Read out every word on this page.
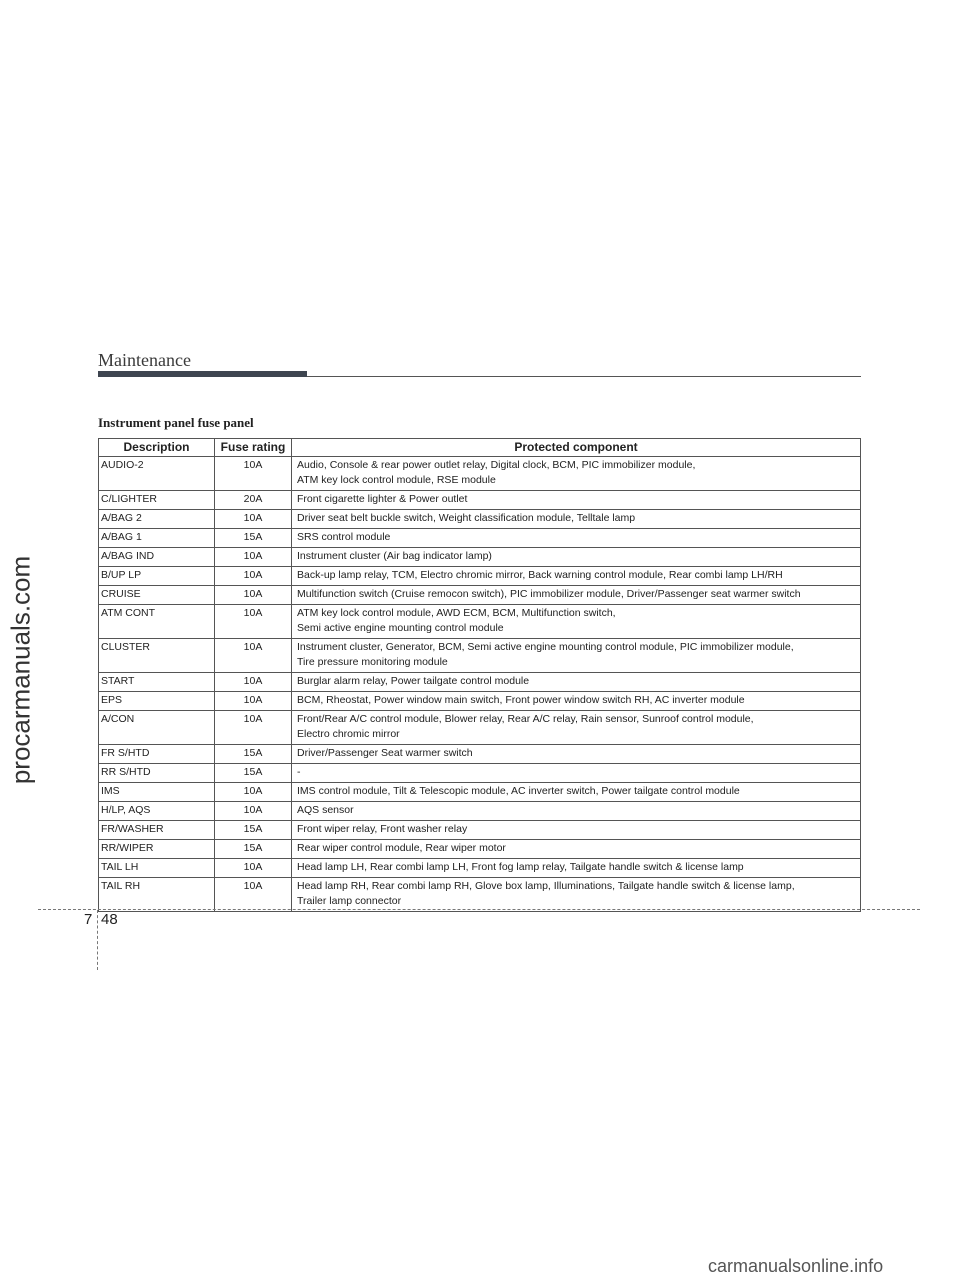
procarmanuals.com
Maintenance
Instrument panel fuse panel
Description	Fuse rating	Protected component
AUDIO-2	10A	Audio, Console & rear power outlet relay, Digital clock, BCM, PIC immobilizer module,
ATM key lock control module, RSE module

C/LIGHTER	20A	Front cigarette lighter & Power outlet

A/BAG 2	10A	Driver seat belt buckle switch, Weight classification module, Telltale lamp

A/BAG 1	15A	SRS control module

A/BAG IND	10A	Instrument cluster (Air bag indicator lamp)

B/UP LP	10A	Back-up lamp relay, TCM, Electro chromic mirror, Back warning control module, Rear combi lamp LH/RH

CRUISE	10A	Multifunction switch (Cruise remocon switch), PIC immobilizer module, Driver/Passenger seat warmer switch

ATM CONT	10A	ATM key lock control module, AWD ECM, BCM, Multifunction switch,
Semi active engine mounting control module

CLUSTER	10A	Instrument cluster, Generator, BCM, Semi active engine mounting control module, PIC immobilizer module,
Tire pressure monitoring module

START	10A	Burglar alarm relay, Power tailgate control module

EPS	10A	BCM, Rheostat, Power window main switch, Front power window switch RH, AC inverter module

A/CON	10A	Front/Rear A/C control module, Blower relay, Rear A/C relay, Rain sensor, Sunroof control module,
Electro chromic mirror

FR S/HTD	15A	Driver/Passenger Seat warmer switch

RR S/HTD	15A	-

IMS	10A	IMS control module, Tilt & Telescopic module, AC inverter switch, Power tailgate control module

H/LP, AQS	10A	AQS sensor

FR/WASHER	15A	Front wiper relay, Front washer relay

RR/WIPER	15A	Rear wiper control module, Rear wiper motor

TAIL LH	10A	Head lamp LH, Rear combi lamp LH, Front fog lamp relay, Tailgate handle switch & license lamp

TAIL RH	10A	Head lamp RH, Rear combi lamp RH, Glove box lamp, Illuminations, Tailgate handle switch & license lamp,
Trailer lamp connector
7 48
carmanualsonline.info
